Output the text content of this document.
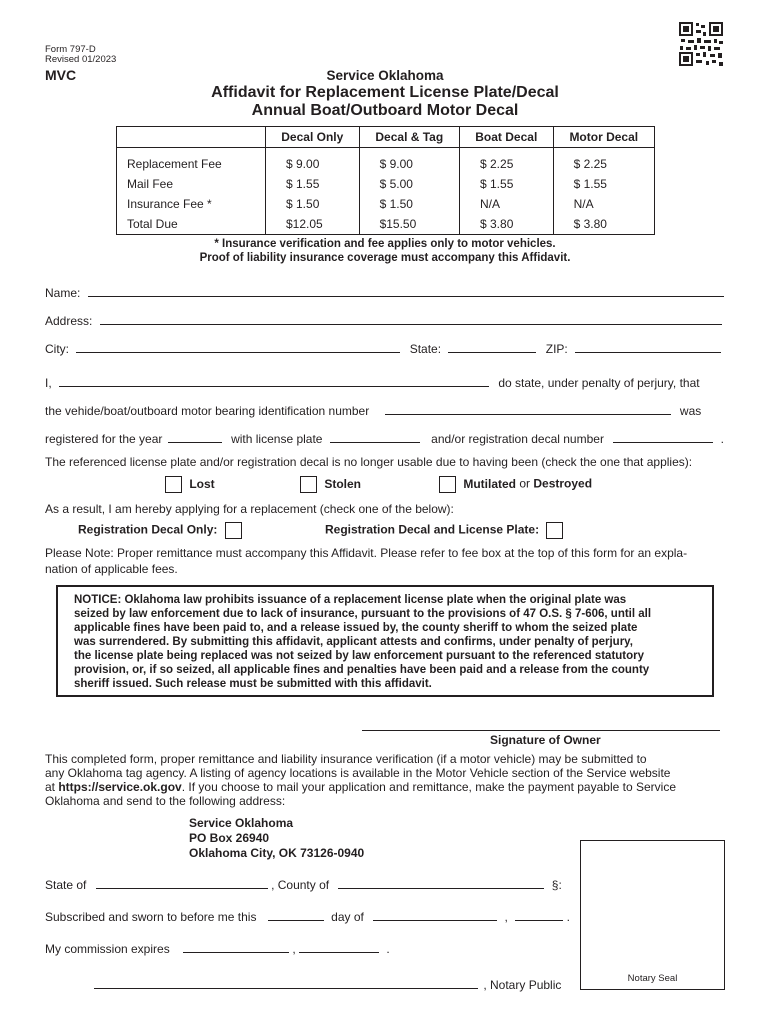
Form 797-D
Revised 01/2023
MVC	Service Oklahoma
Affidavit for Replacement License Plate/Decal
Annual Boat/Outboard Motor Decal
	Decal Only	Decal & Tag	Boat Decal	Motor Decal
Replacement Fee	$ 9.00	$ 9.00	$ 2.25	$ 2.25
Mail Fee	$ 1.55	$ 5.00	$ 1.55	$ 1.55
Insurance Fee *	$ 1.50	$ 1.50	N/A	N/A
Total Due	$12.05	$15.50	$ 3.80	$ 3.80
* Insurance verification and fee applies only to motor vehicles.
Proof of liability insurance coverage must accompany this Affidavit.
Name:
Address:
City:	State:	ZIP:
I,	do state, under penalty of perjury, that
the vehide/boat/outboard motor bearing identification number	was
registered for the year	with license plate	and/or registration decal number	.
The referenced license plate and/or registration decal is no longer usable due to having been (check the one that applies):
Lost	Stolen	Mutilated or Destroyed
As a result, I am hereby applying for a replacement (check one of the below):
Registration Decal Only:	Registration Decal and License Plate:
Please Note: Proper remittance must accompany this Affidavit. Please refer to fee box at the top of this form for an expla-
nation of applicable fees.
NOTICE: Oklahoma law prohibits issuance of a replacement license plate when the original plate was
seized by law enforcement due to lack of insurance, pursuant to the provisions of 47 O.S. § 7-606, until all
applicable fines have been paid to, and a release issued by, the county sheriff to whom the seized plate
was surrendered. By submitting this affidavit, applicant attests and confirms, under penalty of perjury,
the license plate being replaced was not seized by law enforcement pursuant to the referenced statutory
provision, or, if so seized, all applicable fines and penalties have been paid and a release from the county
sheriff issued. Such release must be submitted with this affidavit.
Signature of Owner
This completed form, proper remittance and liability insurance verification (if a motor vehicle) may be submitted to
any Oklahoma tag agency. A listing of agency locations is available in the Motor Vehicle section of the Service website
at https://service.ok.gov. If you choose to mail your application and remittance, make the payment payable to Service
Oklahoma and send to the following address:
Service Oklahoma
PO Box 26940
Oklahoma City, OK 73126-0940
State of	, County of	§:
Subscribed and sworn to before me this	day of	,	.
My commission expires	,	.
, Notary Public	Notary Seal
